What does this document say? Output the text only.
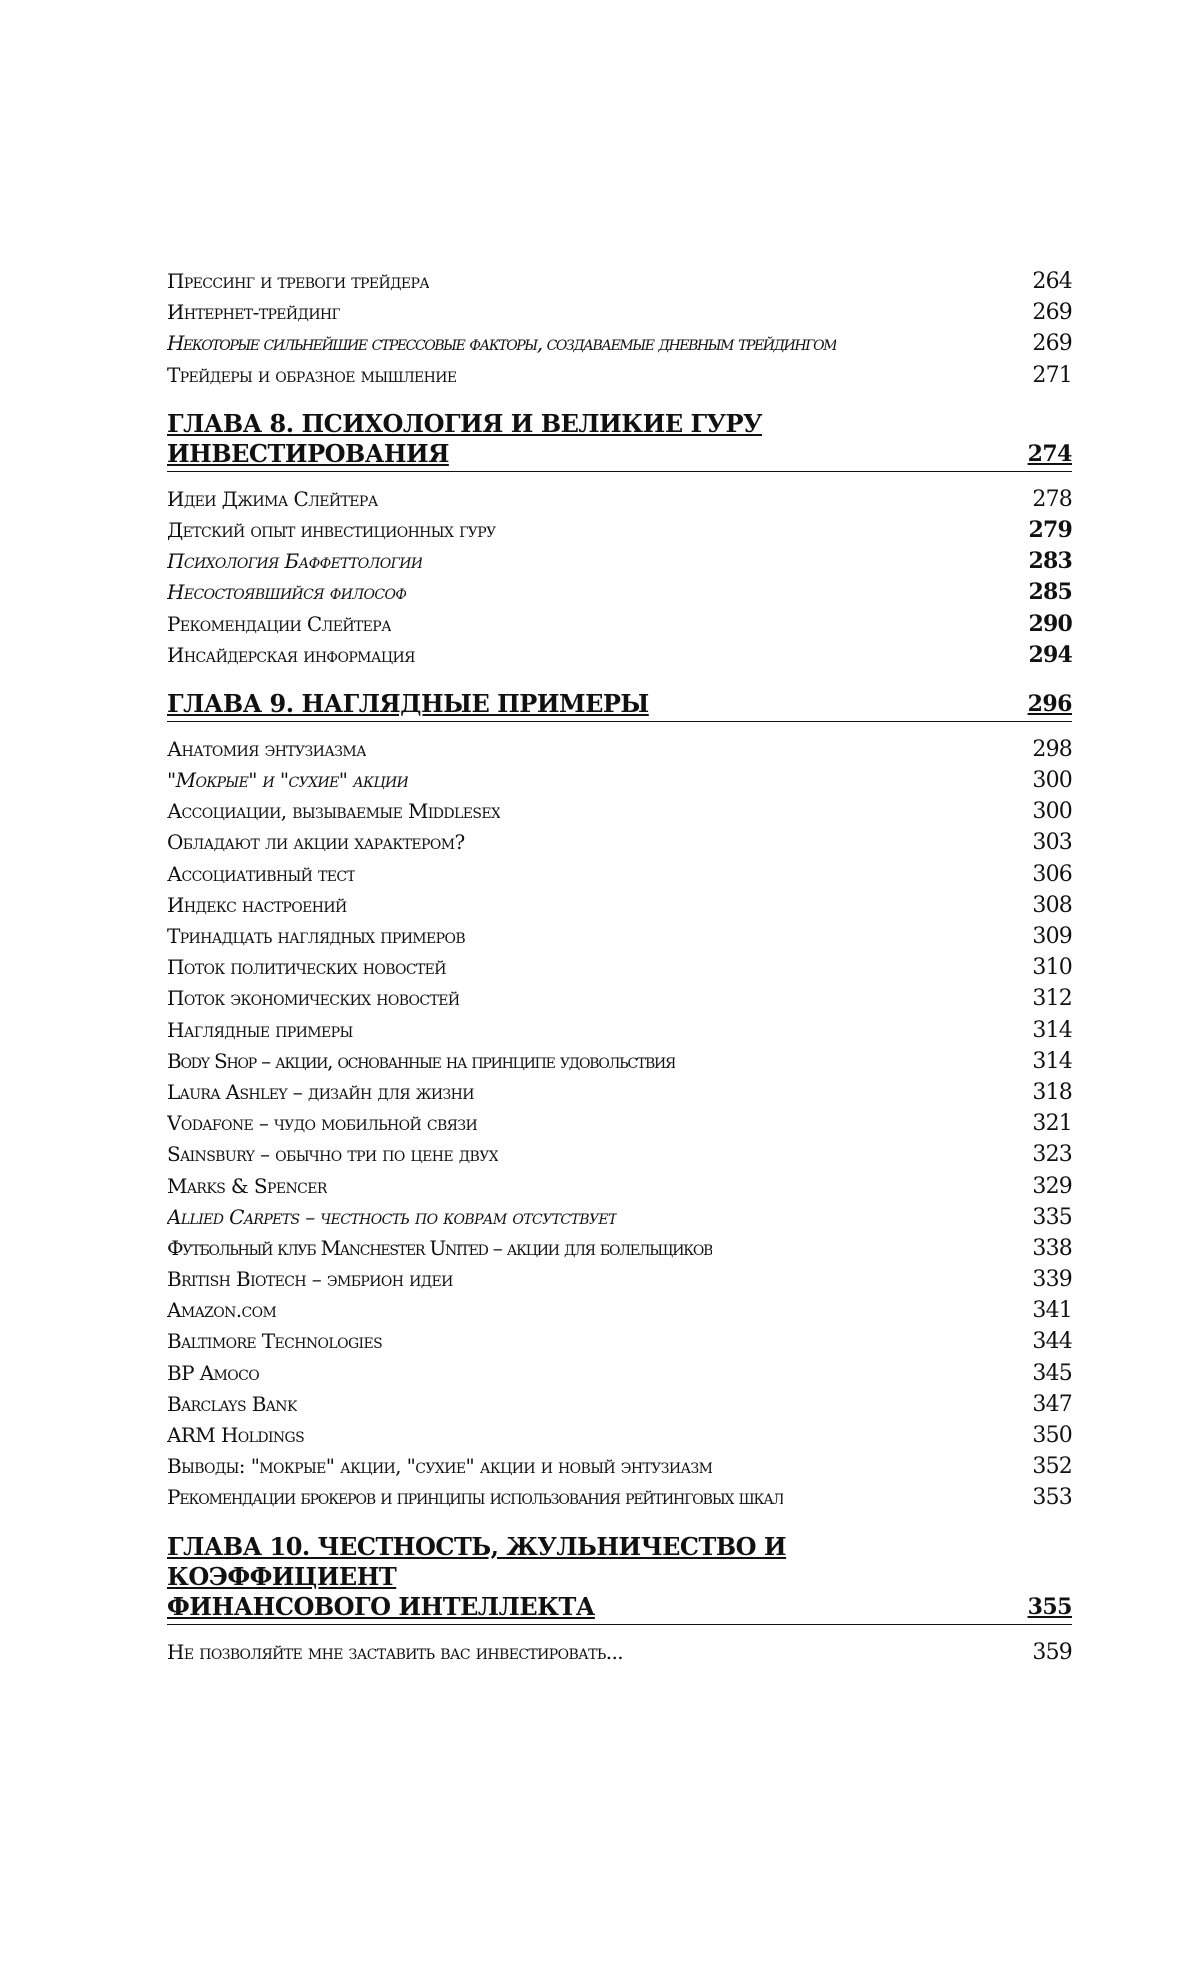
Прессинг и тревоги трейдера	264
Интернет-трейдинг	269
Некоторые сильнейшие стрессовые факторы, создаваемые дневным трейдингом	269
Трейдеры и образное мышление	271
ГЛАВА 8. ПСИХОЛОГИЯ И ВЕЛИКИЕ ГУРУ ИНВЕСТИРОВАНИЯ	274
Идеи Джима Слейтера	278
Детский опыт инвестиционных гуру	279
Психология Баффеттологии	283
Несостоявшийся философ	285
Рекомендации Слейтера	290
Инсайдерская информация	294
ГЛАВА 9. НАГЛЯДНЫЕ ПРИМЕРЫ	296
Анатомия энтузиазма	298
"Мокрые" и "сухие" акции	300
Ассоциации, вызываемые Middlesex	300
Обладают ли акции характером?	303
Ассоциативный тест	306
Индекс настроений	308
Тринадцать наглядных примеров	309
Поток политических новостей	310
Поток экономических новостей	312
Наглядные примеры	314
Body Shop – акции, основанные на принципе удовольствия	314
Laura Ashley – дизайн для жизни	318
Vodafone – чудо мобильной связи	321
Sainsbury – обычно три по цене двух	323
Marks & Spencer	329
Allied Carpets – честность по коврам отсутствует	335
Футбольный клуб Manchester United – акции для болельщиков	338
British Biotech – эмбрион идеи	339
Amazon.com	341
Baltimore Technologies	344
BP Amoco	345
Barclays Bank	347
ARM Holdings	350
Выводы: "мокрые" акции, "сухие" акции и новый энтузиазм	352
Рекомендации брокеров и принципы использования рейтинговых шкал	353
ГЛАВА 10. ЧЕСТНОСТЬ, ЖУЛЬНИЧЕСТВО И КОЭФФИЦИЕНТ
ФИНАНСОВОГО ИНТЕЛЛЕКТА	355
Не позволяйте мне заставить вас инвестировать...	359
